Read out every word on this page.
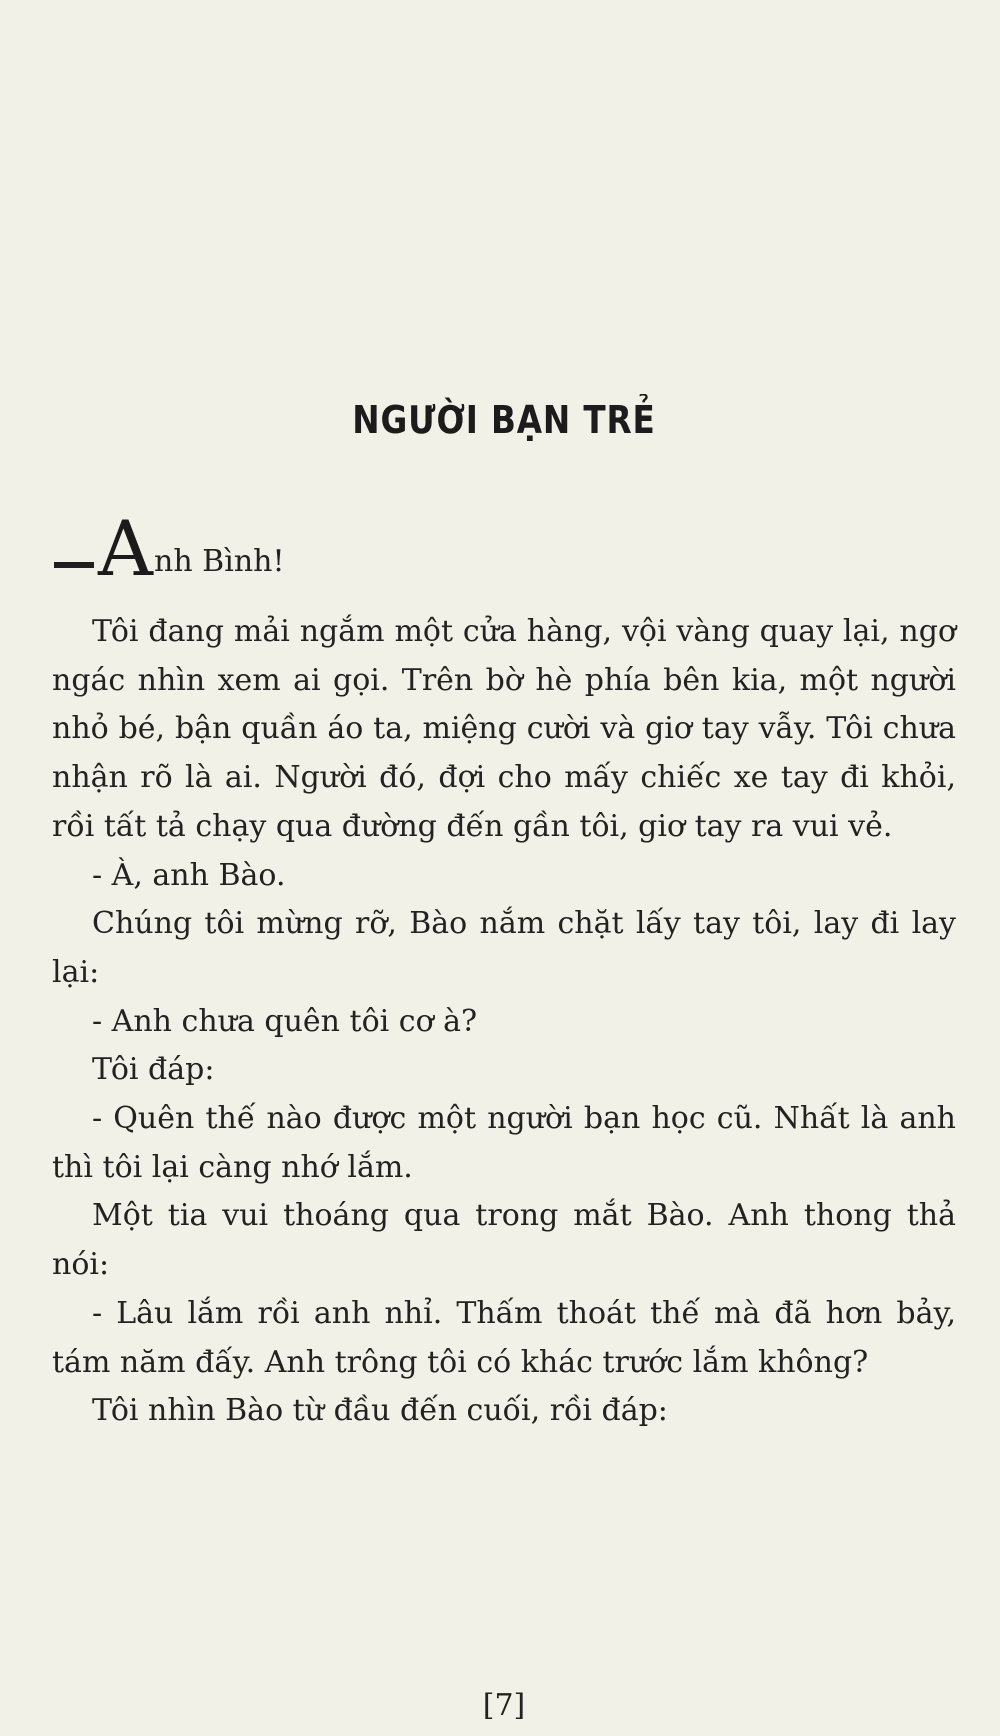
NGƯỜI BẠN TRẺ
A nh Bình!

Tôi đang mải ngắm một cửa hàng, vội vàng quay lại, ngơ ngác nhìn xem ai gọi. Trên bờ hè phía bên kia, một người nhỏ bé, bận quần áo ta, miệng cười và giơ tay vẫy. Tôi chưa nhận rõ là ai. Người đó, đợi cho mấy chiếc xe tay đi khỏi, rồi tất tả chạy qua đường đến gần tôi, giơ tay ra vui vẻ.

- À, anh Bào.

Chúng tôi mừng rỡ, Bào nắm chặt lấy tay tôi, lay đi lay lại:

- Anh chưa quên tôi cơ à?

Tôi đáp:

- Quên thế nào được một người bạn học cũ. Nhất là anh thì tôi lại càng nhớ lắm.

Một tia vui thoáng qua trong mắt Bào. Anh thong thả nói:

- Lâu lắm rồi anh nhỉ. Thấm thoát thế mà đã hơn bảy, tám năm đấy. Anh trông tôi có khác trước lắm không?

Tôi nhìn Bào từ đầu đến cuối, rồi đáp:

[7]
